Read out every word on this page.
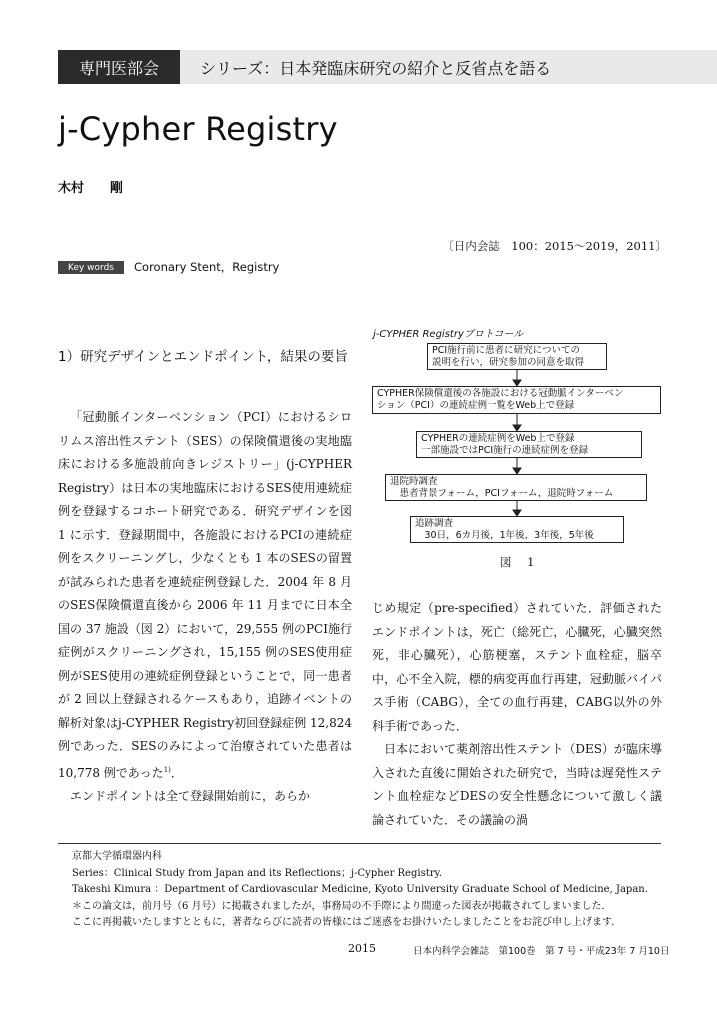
専門医部会	シリーズ：日本発臨床研究の紹介と反省点を語る
j-Cypher Registry
木村　　剛
〔日内会誌　100：2015〜2019，2011〕
Key words	Coronary Stent，Registry
1）研究デザインとエンドポイント，結果の要旨

「冠動脈インターベンション（PCI）におけるシロリムス溶出性ステント（SES）の保険償還後の実地臨床における多施設前向きレジストリー」(j-CYPHER Registry）は日本の実地臨床におけるSES使用連続症例を登録するコホート研究である．研究デザインを図 1 に示す．登録期間中，各施設におけるPCIの連続症例をスクリーニングし，少なくとも 1 本のSESの留置が試みられた患者を連続症例登録した．2004 年 8 月のSES保険償還直後から 2006 年 11 月までに日本全国の 37 施設（図 2）において，29,555 例のPCI施行症例がスクリーニングされ，15,155 例のSES使用症例がSES使用の連続症例登録ということで，同一患者が 2 回以上登録されるケースもあり，追跡イベントの解析対象はj-CYPHER Registry初回登録症例 12,824 例であった．SESのみによって治療されていた患者は 10,778 例であった$^{1)}$．

エンドポイントは全て登録開始前に，あらか

j-CYPHER Registryプロトコール
PCI施行前に患者に研究についての
説明を行い，研究参加の同意を取得
CYPHER保険償還後の各施設における冠動脈インターベン
ション（PCI）の連続症例一覧をWeb上で登録
CYPHERの連続症例をWeb上で登録
一部施設ではPCI施行の連続症例を登録
退院時調査
　患者背景フォーム，PCIフォーム，退院時フォーム
追跡調査
　30日，6カ月後，1年後，3年後，5年後
図 1

じめ規定（pre-specified）されていた．評価されたエンドポイントは，死亡（総死亡，心臓死，心臓突然死，非心臓死），心筋梗塞，ステント血栓症，脳卒中，心不全入院，標的病変再血行再建，冠動脈バイパス手術（CABG），全ての血行再建，CABG以外の外科手術であった．

日本において薬剤溶出性ステント（DES）が臨床導入された直後に開始された研究で，当時は遅発性ステント血栓症などDESの安全性懸念について激しく議論されていた．その議論の渦

京都大学循環器内科
Series：Clinical Study from Japan and its Reflections；j-Cypher Registry.
Takeshi Kimura ：Department of Cardiovascular Medicine, Kyoto University Graduate School of Medicine, Japan.
＊この論文は，前月号（6 月号）に掲載されましたが，事務局の不手際により間違った図表が掲載されてしまいました．
ここに再掲載いたしますとともに，著者ならびに読者の皆様にはご迷惑をお掛けいたしましたことをお詫び申し上げます．
2015	日本内科学会雑誌　第100巻　第 7 号・平成23年 7 月10日
